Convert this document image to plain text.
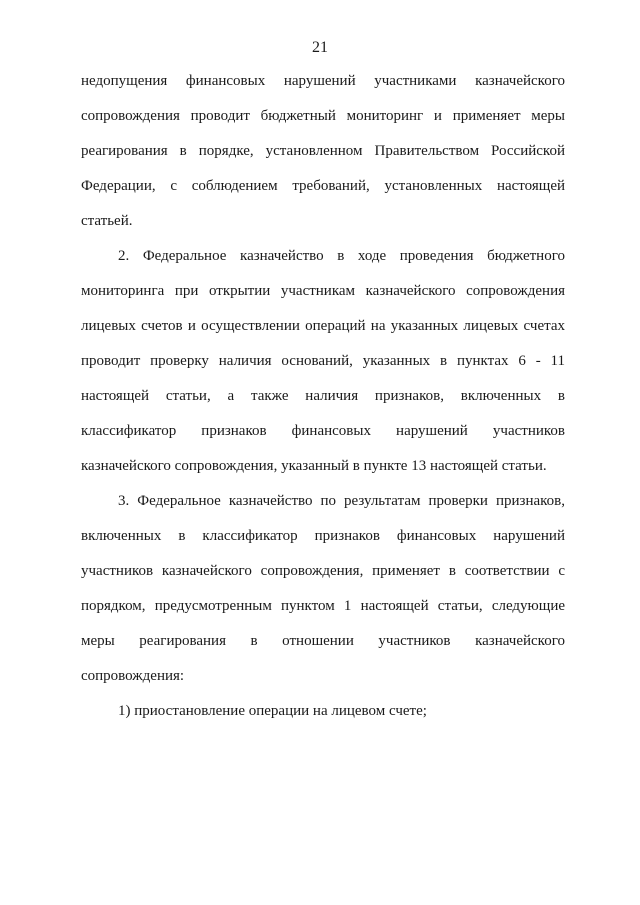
21

недопущения финансовых нарушений участниками казначейского сопровождения проводит бюджетный мониторинг и применяет меры реагирования в порядке, установленном Правительством Российской Федерации, с соблюдением требований, установленных настоящей статьей.

2. Федеральное казначейство в ходе проведения бюджетного мониторинга при открытии участникам казначейского сопровождения лицевых счетов и осуществлении операций на указанных лицевых счетах проводит проверку наличия оснований, указанных в пунктах 6 - 11 настоящей статьи, а также наличия признаков, включенных в классификатор признаков финансовых нарушений участников казначейского сопровождения, указанный в пункте 13 настоящей статьи.

3. Федеральное казначейство по результатам проверки признаков, включенных в классификатор признаков финансовых нарушений участников казначейского сопровождения, применяет в соответствии с порядком, предусмотренным пунктом 1 настоящей статьи, следующие меры реагирования в отношении участников казначейского сопровождения:

1) приостановление операции на лицевом счете;
